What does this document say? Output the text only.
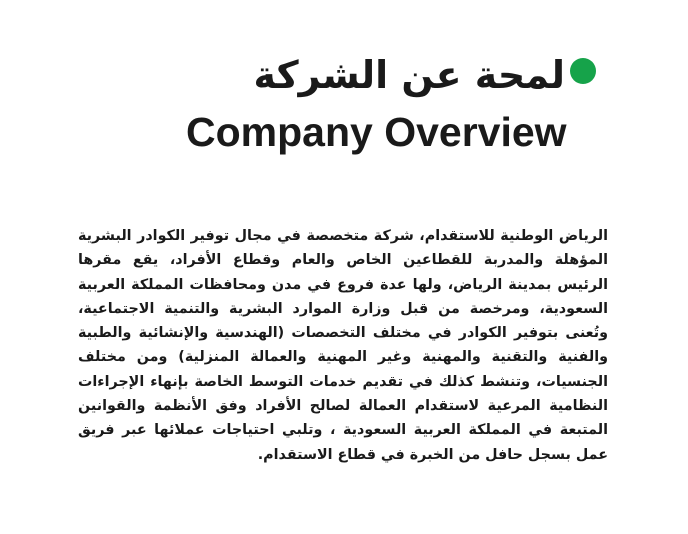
لمحة عن الشركة
Company Overview

الرياض الوطنية للاستقدام، شركة متخصصة في مجال توفير الكوادر البشرية المؤهلة والمدربة للقطاعين الخاص والعام وقطاع الأفراد، يقع مقرها الرئيس بمدينة الرياض، ولها عدة فروع في مدن ومحافظات المملكة العربية السعودية، ومرخصة من قبل وزارة الموارد البشرية والتنمية الاجتماعية، وتُعنى بتوفير الكوادر في مختلف التخصصات (الهندسية والإنشائية والطبية والفنية والتقنية والمهنية وغير المهنية والعمالة المنزلية) ومن مختلف الجنسيات، وتنشط كذلك في تقديم خدمات التوسط الخاصة بإنهاء الإجراءات النظامية المرعية لاستقدام العمالة لصالح الأفراد وفق الأنظمة والقوانين المتبعة في المملكة العربية السعودية ، وتلبي احتياجات عملائها عبر فريق عمل بسجل حافل من الخبرة في قطاع الاستقدام.
